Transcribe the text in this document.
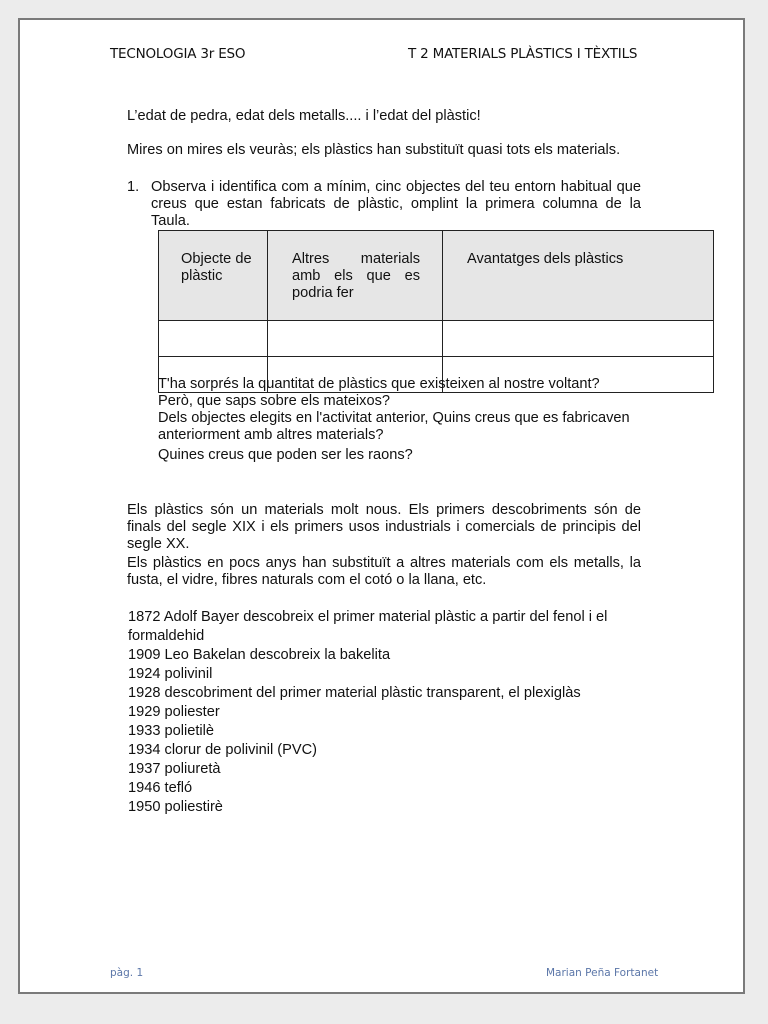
TECNOLOGIA 3r ESO	T 2 MATERIALS PLÀSTICS I TÈXTILS
L’edat de pedra, edat dels metalls.... i l’edat del plàstic!
Mires on mires els veuràs; els plàstics han substituït quasi tots els materials.
1. Observa i identifica com a mínim, cinc objectes del teu entorn habitual que creus que estan fabricats de plàstic, omplint la primera columna de la Taula.
Objecte de plàstic	Altres materials amb els que es podria fer	Avantatges dels plàstics

T'ha sorprés la quantitat de plàstics que existeixen al nostre voltant?
Però, que saps sobre els mateixos?
Dels objectes elegits en l'activitat anterior, Quins creus que es fabricaven anteriorment amb altres materials?
Quines creus que poden ser les raons?
Els plàstics són un materials molt nous. Els primers descobriments són de finals del segle XIX i els primers usos industrials i comercials de principis del segle XX.
Els plàstics en pocs anys han substituït a altres materials com els metalls, la fusta, el vidre, fibres naturals com el cotó o la llana, etc.
1872 Adolf Bayer descobreix el primer material plàstic a partir del fenol i el formaldehid
1909 Leo Bakelan descobreix la bakelita
1924 polivinil
1928 descobriment del primer material plàstic transparent, el plexiglàs
1929 poliester
1933 polietilè
1934 clorur de polivinil (PVC)
1937 poliuretà
1946 tefló
1950 poliestirè
pàg. 1	Marian Peña Fortanet
